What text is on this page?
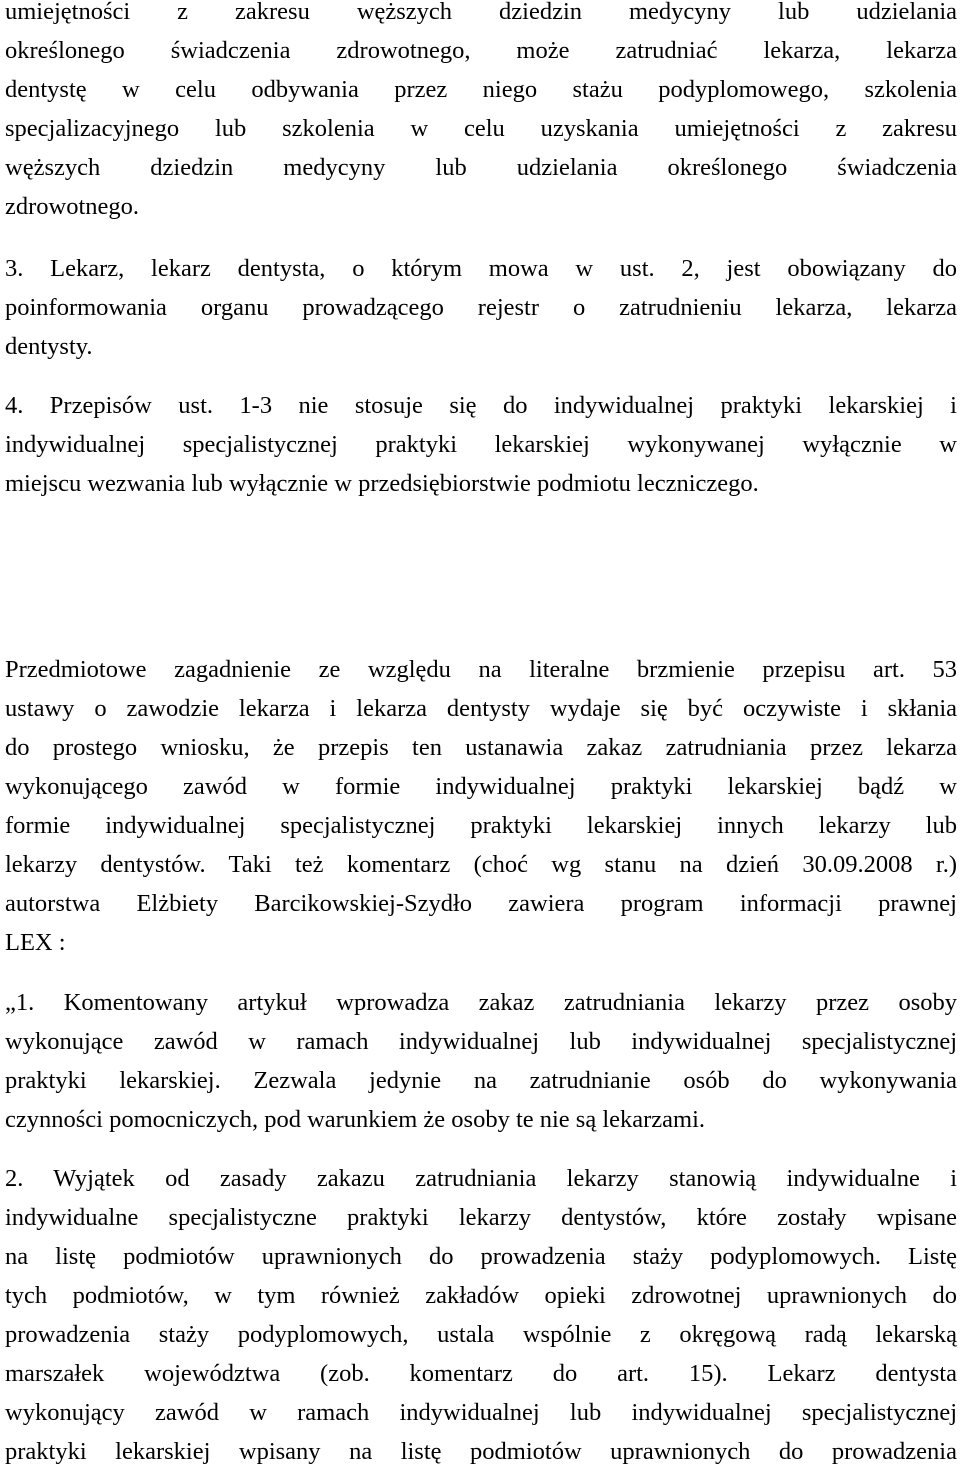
umiejętności z zakresu węższych dziedzin medycyny lub udzielania
określonego świadczenia zdrowotnego, może zatrudniać lekarza, lekarza
dentystę w celu odbywania przez niego stażu podyplomowego, szkolenia
specjalizacyjnego lub szkolenia w celu uzyskania umiejętności z zakresu
węższych dziedzin medycyny lub udzielania określonego świadczenia
zdrowotnego.
3. Lekarz, lekarz dentysta, o którym mowa w ust. 2, jest obowiązany do
poinformowania organu prowadzącego rejestr o zatrudnieniu lekarza, lekarza
dentysty.
4. Przepisów ust. 1-3 nie stosuje się do indywidualnej praktyki lekarskiej i
indywidualnej specjalistycznej praktyki lekarskiej wykonywanej wyłącznie w
miejscu wezwania lub wyłącznie w przedsiębiorstwie podmiotu leczniczego.
Przedmiotowe zagadnienie ze względu na literalne brzmienie przepisu art. 53
ustawy o zawodzie lekarza i lekarza dentysty wydaje się być oczywiste i skłania
do prostego wniosku, że przepis ten ustanawia zakaz zatrudniania przez lekarza
wykonującego zawód w formie indywidualnej praktyki lekarskiej bądź w
formie indywidualnej specjalistycznej praktyki lekarskiej innych lekarzy lub
lekarzy dentystów. Taki też komentarz (choć wg stanu na dzień 30.09.2008 r.)
autorstwa Elżbiety Barcikowskiej-Szydło zawiera program informacji prawnej
LEX :
„1. Komentowany artykuł wprowadza zakaz zatrudniania lekarzy przez osoby
wykonujące zawód w ramach indywidualnej lub indywidualnej specjalistycznej
praktyki lekarskiej. Zezwala jedynie na zatrudnianie osób do wykonywania
czynności pomocniczych, pod warunkiem że osoby te nie są lekarzami.
2. Wyjątek od zasady zakazu zatrudniania lekarzy stanowią indywidualne i
indywidualne specjalistyczne praktyki lekarzy dentystów, które zostały wpisane
na listę podmiotów uprawnionych do prowadzenia staży podyplomowych. Listę
tych podmiotów, w tym również zakładów opieki zdrowotnej uprawnionych do
prowadzenia staży podyplomowych, ustala wspólnie z okręgową radą lekarską
marszałek województwa (zob. komentarz do art. 15). Lekarz dentysta
wykonujący zawód w ramach indywidualnej lub indywidualnej specjalistycznej
praktyki lekarskiej wpisany na listę podmiotów uprawnionych do prowadzenia
